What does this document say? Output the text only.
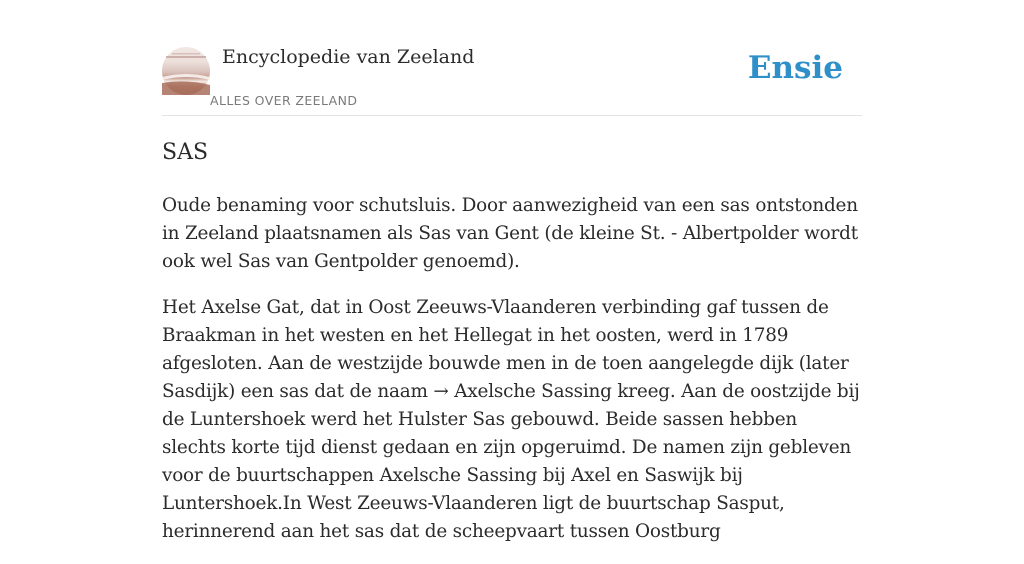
Encyclopedie van Zeeland
ALLES OVER ZEELAND
Ensie
SAS

Oude benaming voor schutsluis. Door aanwezigheid van een sas ontstonden in Zeeland plaatsnamen als Sas van Gent (de kleine St. - Albertpolder wordt ook wel Sas van Gentpolder genoemd).

Het Axelse Gat, dat in Oost Zeeuws-Vlaanderen verbinding gaf tussen de Braakman in het westen en het Hellegat in het oosten, werd in 1789 afgesloten. Aan de westzijde bouwde men in de toen aangelegde dijk (later Sasdijk) een sas dat de naam → Axelsche Sassing kreeg. Aan de oostzijde bij de Luntershoek werd het Hulster Sas gebouwd. Beide sassen hebben slechts korte tijd dienst gedaan en zijn opgeruimd. De namen zijn gebleven voor de buurtschappen Axelsche Sassing bij Axel en Saswijk bij Luntershoek.In West Zeeuws-Vlaanderen ligt de buurtschap Sasput, herinnerend aan het sas dat de scheepvaart tussen Oostburg
